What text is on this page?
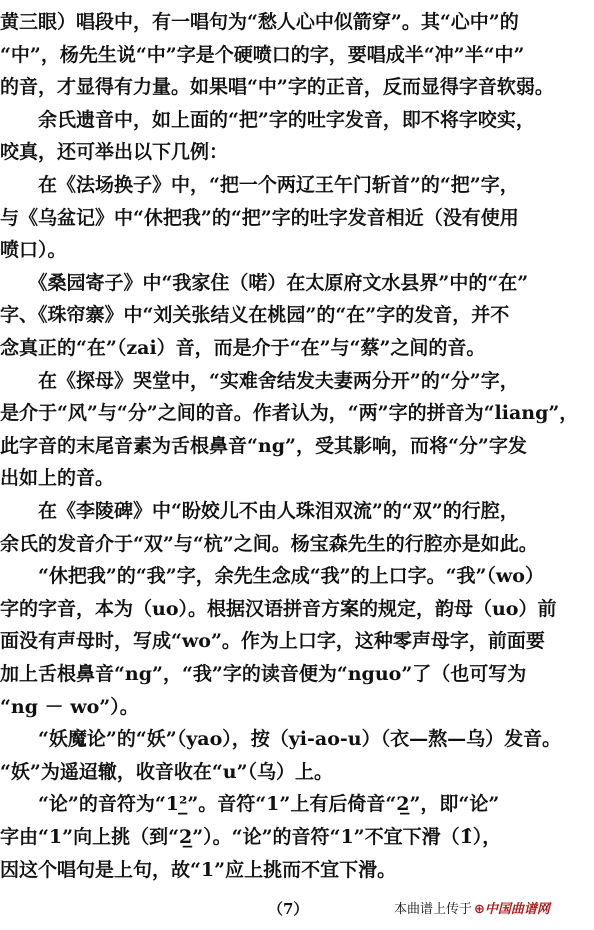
黄三眼）唱段中，有一唱句为“愁人心中似箭穿”。其“心中”的
“中”，杨先生说“中”字是个硬喷口的字，要唱成半“冲”半“中”
的音，才显得有力量。如果唱“中”字的正音，反而显得字音软弱。
　　余氏遗音中，如上面的“把”字的吐字发音，即不将字咬实，
咬真，还可举出以下几例：
　　在《法场换子》中，“把一个两辽王午门斩首”的“把”字，
与《乌盆记》中“休把我”的“把”字的吐字发音相近（没有使用
喷口）。
　　《桑园寄子》中“我家住（喏）在太原府文水县界”中的“在”
字、《珠帘寨》中“刘关张结义在桃园”的“在”字的发音，并不
念真正的“在”（zai）音，而是介于“在”与“蔡”之间的音。
　　在《探母》哭堂中，“实难舍结发夫妻两分开”的“分”字，
是介于“风”与“分”之间的音。作者认为，“两”字的拼音为“liang”，
此字音的末尾音素为舌根鼻音“ng”，受其影响，而将“分”字发
出如上的音。
　　在《李陵碑》中“盼姣儿不由人珠泪双流”的“双”的行腔，
余氏的发音介于“双”与“杭”之间。杨宝森先生的行腔亦是如此。
　　“休把我”的“我”字，余先生念成“我”的上口字。“我”（wo）
字的字音，本为（uo）。根据汉语拼音方案的规定，韵母（uo）前
面没有声母时，写成“wo”。作为上口字，这种零声母字，前面要
加上舌根鼻音“ng”，“我”字的读音便为“nguo”了（也可写为
“ng － wo”）。
　　“妖魔论”的“妖”（yao），按（yi-ao-u）（衣—熬—乌）发音。
“妖”为遥迢辙，收音收在“u”（乌）上。
　　“论”的音符为“1²̲”。音符“1”上有后倚音“2̲”，即“论”
字由“1”向上挑（到“2̲”）。“论”的音符“1”不宜下滑（1̂），
因这个唱句是上句，故“1”应上挑而不宜下滑。
（7）	本曲谱上传于 ⊕中国曲谱网
